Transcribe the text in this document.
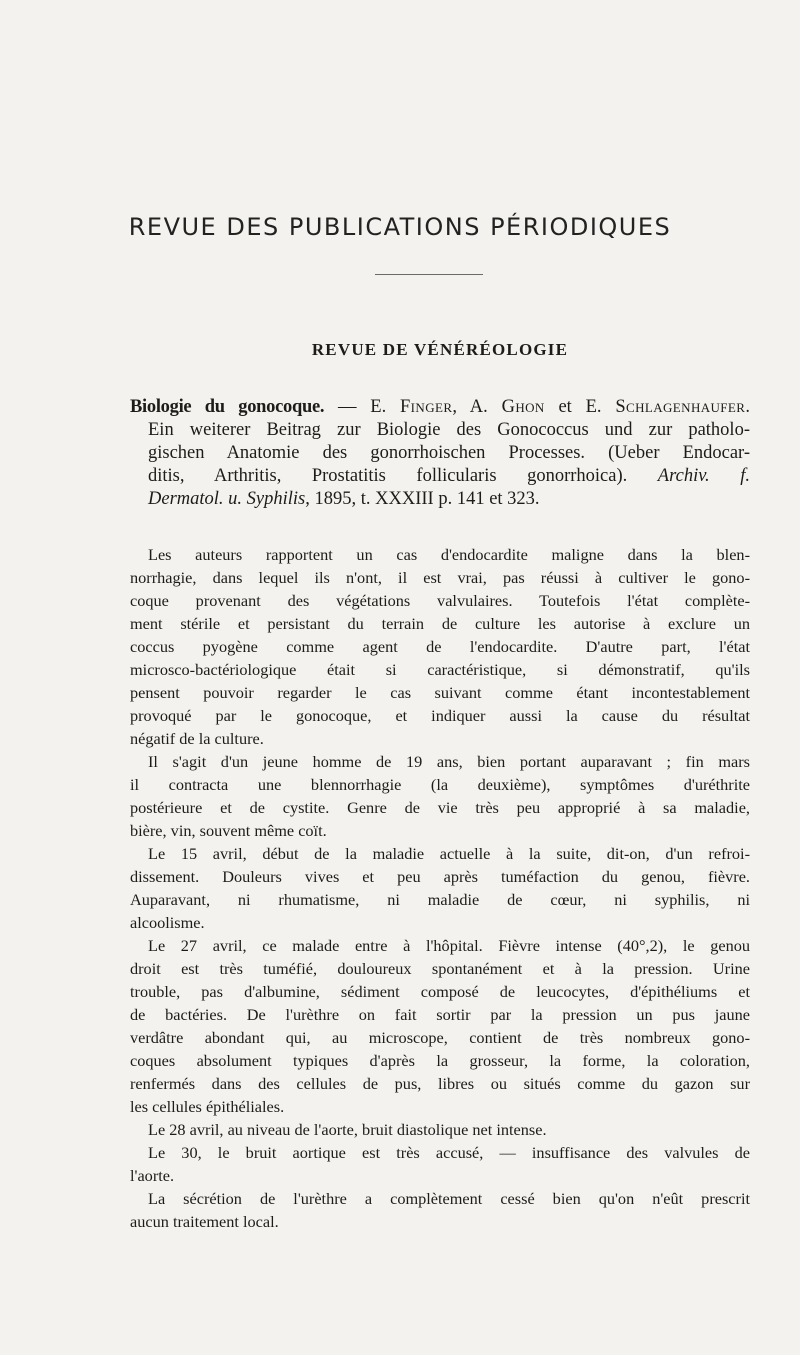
REVUE DES PUBLICATIONS PÉRIODIQUES
REVUE DE VÉNÉRÉOLOGIE
Biologie du gonocoque. — E. Finger, A. Ghon et E. Schlagenhaufer.
Ein weiterer Beitrag zur Biologie des Gonococcus und zur patholo-
gischen Anatomie des gonorrhoischen Processes. (Ueber Endocar-
ditis, Arthritis, Prostatitis follicularis gonorrhoica). Archiv. f.
Dermatol. u. Syphilis, 1895, t. XXXIII p. 141 et 323.

Les auteurs rapportent un cas d'endocardite maligne dans la blen-
norrhagie, dans lequel ils n'ont, il est vrai, pas réussi à cultiver le gono-
coque provenant des végétations valvulaires. Toutefois l'état complète-
ment stérile et persistant du terrain de culture les autorise à exclure un
coccus pyogène comme agent de l'endocardite. D'autre part, l'état
microsco-bactériologique était si caractéristique, si démonstratif, qu'ils
pensent pouvoir regarder le cas suivant comme étant incontestablement
provoqué par le gonocoque, et indiquer aussi la cause du résultat
négatif de la culture.

Il s'agit d'un jeune homme de 19 ans, bien portant auparavant ; fin mars
il contracta une blennorrhagie (la deuxième), symptômes d'uréthrite
postérieure et de cystite. Genre de vie très peu approprié à sa maladie,
bière, vin, souvent même coït.

Le 15 avril, début de la maladie actuelle à la suite, dit-on, d'un refroi-
dissement. Douleurs vives et peu après tuméfaction du genou, fièvre.
Auparavant, ni rhumatisme, ni maladie de cœur, ni syphilis, ni
alcoolisme.

Le 27 avril, ce malade entre à l'hôpital. Fièvre intense (40°,2), le genou
droit est très tuméfié, douloureux spontanément et à la pression. Urine
trouble, pas d'albumine, sédiment composé de leucocytes, d'épithéliums et
de bactéries. De l'urèthre on fait sortir par la pression un pus jaune
verdâtre abondant qui, au microscope, contient de très nombreux gono-
coques absolument typiques d'après la grosseur, la forme, la coloration,
renfermés dans des cellules de pus, libres ou situés comme du gazon sur
les cellules épithéliales.

Le 28 avril, au niveau de l'aorte, bruit diastolique net intense.

Le 30, le bruit aortique est très accusé, — insuffisance des valvules de
l'aorte.

La sécrétion de l'urèthre a complètement cessé bien qu'on n'eût prescrit
aucun traitement local.
